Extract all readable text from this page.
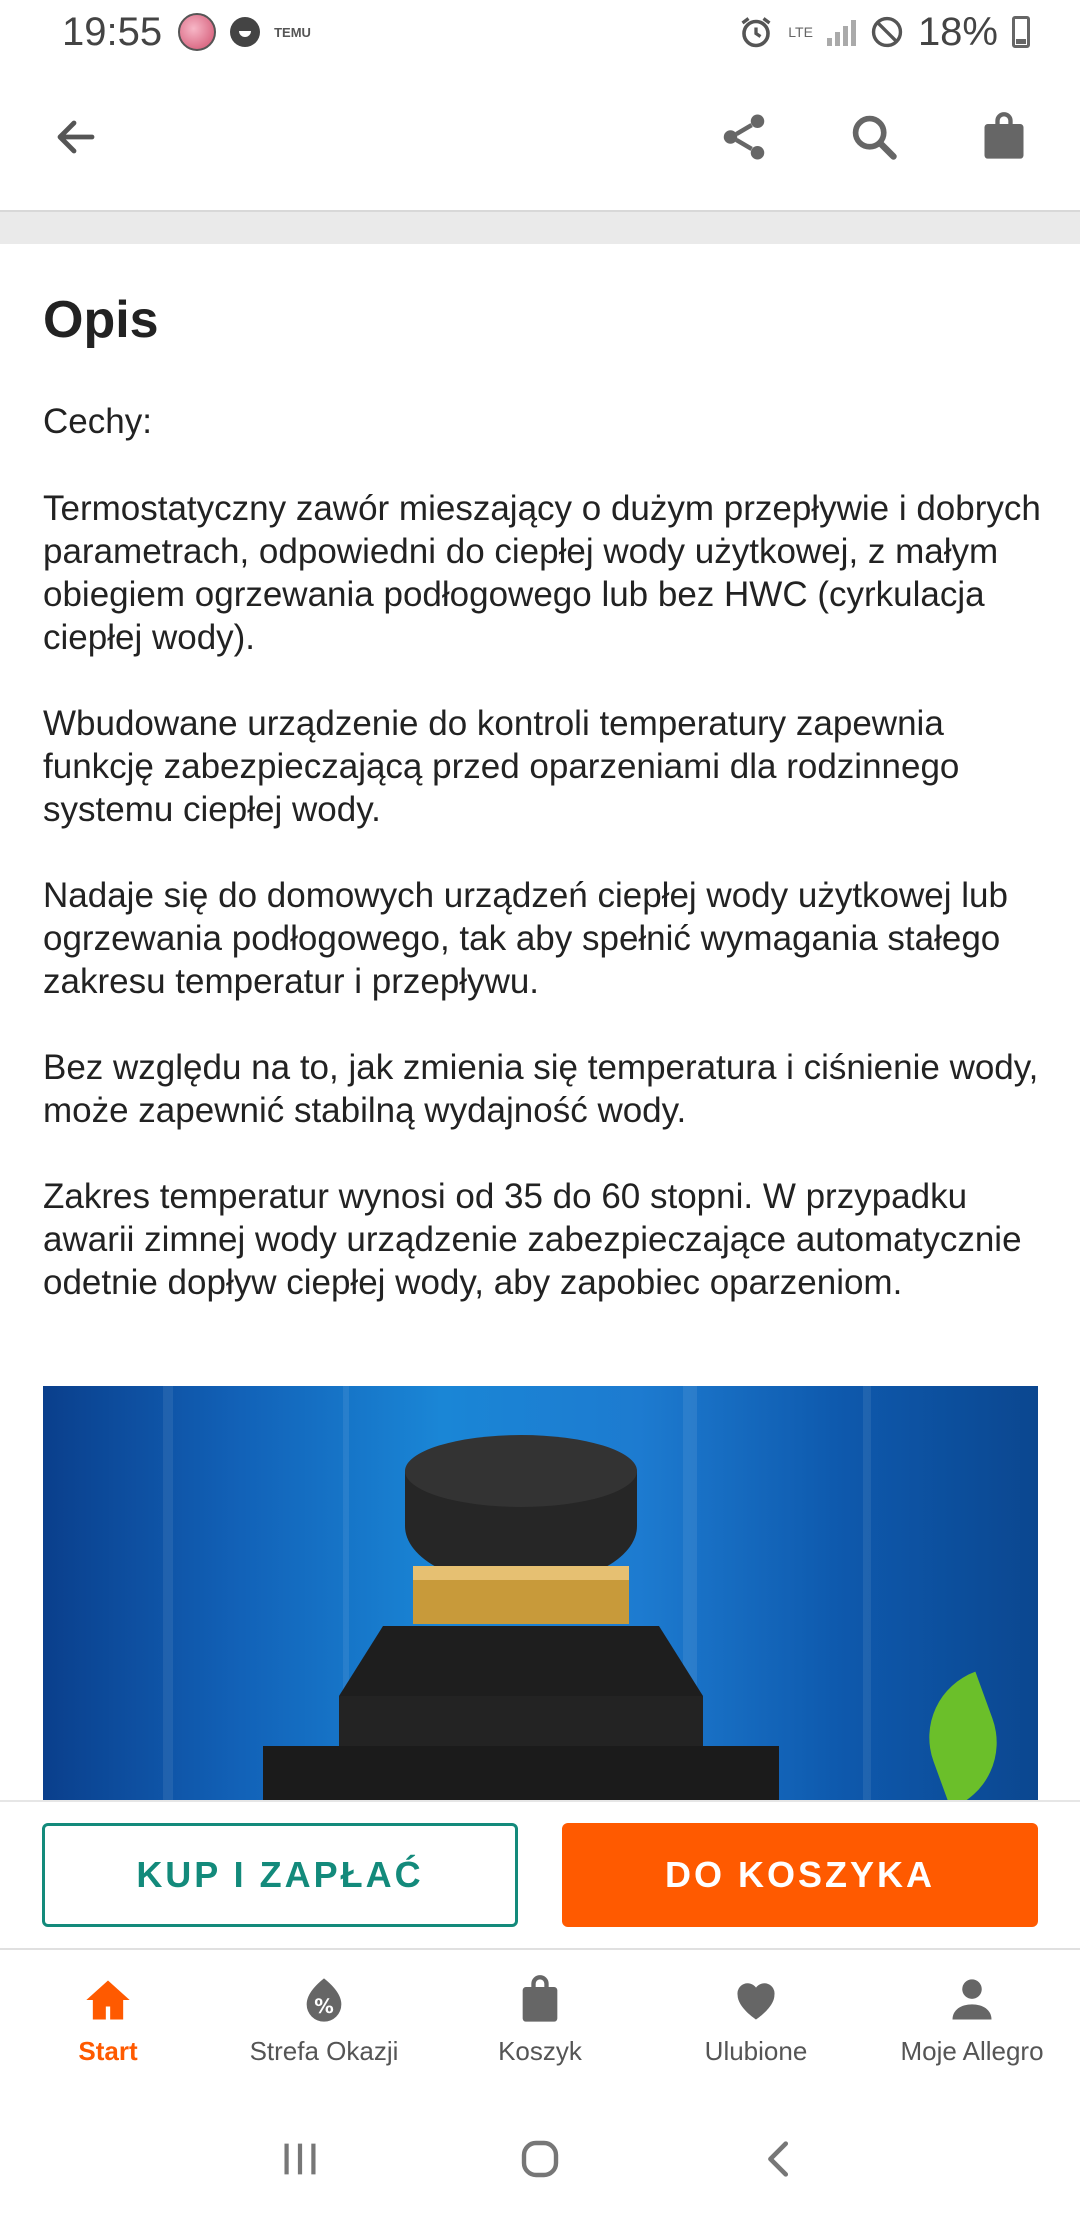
19:55	TEMU	LTE	18%
Opis

Cechy:

Termostatyczny zawór mieszający o dużym przepływie i dobrych parametrach, odpowiedni do ciepłej wody użytkowej, z małym obiegiem ogrzewania podłogowego lub bez HWC (cyrkulacja ciepłej wody).

Wbudowane urządzenie do kontroli temperatury zapewnia funkcję zabezpieczającą przed oparzeniami dla rodzinnego systemu ciepłej wody.

Nadaje się do domowych urządzeń ciepłej wody użytkowej lub ogrzewania podłogowego, tak aby spełnić wymagania stałego zakresu temperatur i przepływu.

Bez względu na to, jak zmienia się temperatura i ciśnienie wody, może zapewnić stabilną wydajność wody.

Zakres temperatur wynosi od 35 do 60 stopni. W przypadku awarii zimnej wody urządzenie zabezpieczające automatycznie odetnie dopływ ciepłej wody, aby zapobiec oparzeniom.

KUP I ZAPŁAĆ	DO KOSZYKA
Start
%
Strefa Okazji	Koszyk	Ulubione	Moje Allegro
